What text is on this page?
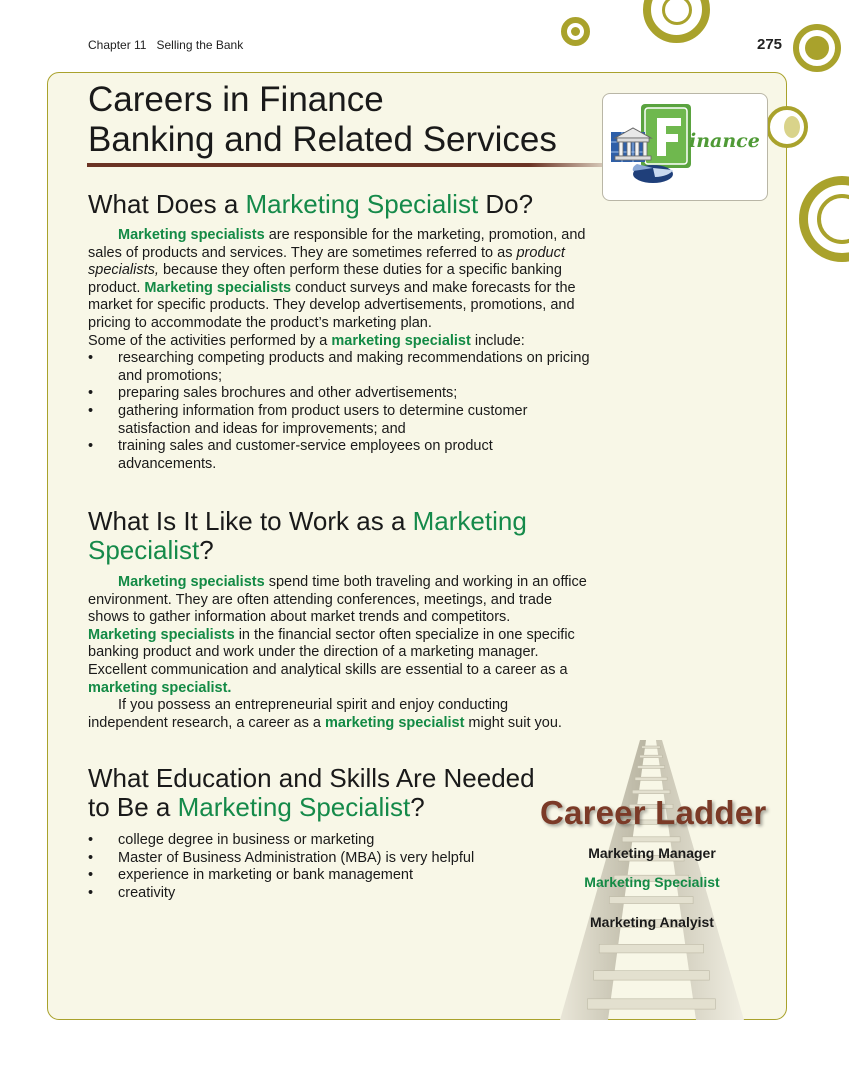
Chapter 11 Selling the Bank	275
Careers in Finance
Banking and Related Services	inance
What Does a Marketing Specialist Do?

Marketing specialists are responsible for the marketing, promotion, and sales of products and services. They are sometimes referred to as product specialists, because they often perform these duties for a specific banking product. Marketing specialists conduct surveys and make forecasts for the market for specific products. They develop advertisements, promotions, and pricing to accommodate the product’s marketing plan.

Some of the activities performed by a marketing specialist include:

• researching competing products and making recommendations on pricing and promotions;
• preparing sales brochures and other advertisements;
• gathering information from product users to determine customer satisfaction and ideas for improvements; and
• training sales and customer-service employees on product advancements.
What Is It Like to Work as a Marketing
Specialist?

Marketing specialists spend time both traveling and working in an office environment. They are often attending conferences, meetings, and trade shows to gather information about market trends and competitors.

Marketing specialists in the financial sector often specialize in one specific banking product and work under the direction of a marketing manager. Excellent communication and analytical skills are essential to a career as a marketing specialist.

If you possess an entrepreneurial spirit and enjoy conducting independent research, a career as a marketing specialist might suit you.

What Education and Skills Are Needed
to Be a Marketing Specialist?
• college degree in business or marketing
• Master of Business Administration (MBA) is very helpful
• experience in marketing or bank management
• creativity
Career Ladder
Marketing Manager
Marketing Specialist
Marketing Analyist
